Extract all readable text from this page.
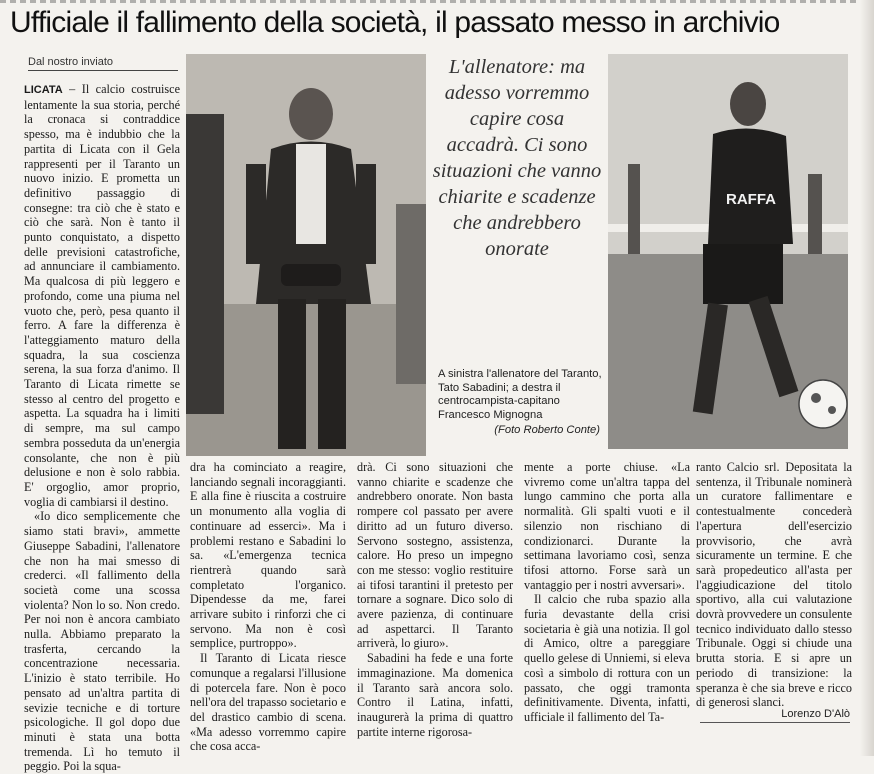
Ufficiale il fallimento della società, il passato messo in archivio
Dal nostro inviato

LICATA – Il calcio costruisce lentamente la sua storia, perché la cronaca si contraddice spesso, ma è indubbio che la partita di Licata con il Gela rappresenti per il Taranto un nuovo inizio. E promettа un definitivo passaggio di consegne: tra ciò che è stato e ciò che sarà. Non è tanto il punto conquistato, a dispetto delle previsioni catastrofiche, ad annunciare il cambiamento. Ma qualcosa di più leggero e profondo, come una piuma nel vuoto che, però, pesa quanto il ferro. A fare la differenza è l'atteggiamento maturo della squadra, la sua coscienza serena, la sua forza d'animo. Il Taranto di Licata rimette se stesso al centro del progetto e aspetta. La squadra ha i limiti di sempre, ma sul campo sembra posseduta da un'energia consolante, che non è più delusione e non è solo rabbia. E' orgoglio, amor proprio, voglia di cambiarsi il destino.

«Io dico semplicemente che siamo stati bravi», ammette Giuseppe Sabadini, l'allenatore che non ha mai smesso di crederci. «Il fallimento della società come una scossa violenta? Non lo so. Non credo. Per noi non è ancora cambiato nulla. Abbiamo preparato la trasferta, cercando la concentrazione necessaria. L'inizio è stato terribile. Ho pensato ad un'altra partita di sevizie tecniche e di torture psicologiche. Il gol dopo due minuti è stata una botta tremenda. Lì ho temuto il peggio. Poi la squa-

L'allenatore: ma adesso vorremmo capire cosa accadrà. Ci sono situazioni che vanno chiarite e scadenze che andrebbero onorate
A sinistra l'allenatore del Taranto, Tato Sabadini; a destra il centrocampista-capitano Francesco Mignogna
(Foto Roberto Conte)
RAFFA

dra ha cominciato a reagire, lanciando segnali incoraggianti. E alla fine è riuscita a costruire un monumento alla voglia di continuare ad esserci». Ma i problemi restano e Sabadini lo sa. «L'emergenza tecnica rientrerà quando sarà completato l'organico. Dipendesse da me, farei arrivare subito i rinforzi che ci servono. Ma non è così semplice, purtroppo».

Il Taranto di Licata riesce comunque a regalarsi l'illusione di potercela fare. Non è poco nell'ora del trapasso societario e del drastico cambio di scena. «Ma adesso vorremmo capire che cosa acca-

drà. Ci sono situazioni che vanno chiarite e scadenze che andrebbero onorate. Non basta rompere col passato per avere diritto ad un futuro diverso. Servono sostegno, assistenza, calore. Ho preso un impegno con me stesso: voglio restituire ai tifosi tarantini il pretesto per tornare a sognare. Dico solo di avere pazienza, di continuare ad aspettarci. Il Taranto arriverà, lo giuro».

Sabadini ha fede e una forte immaginazione. Ma domenica il Taranto sarà ancora solo. Contro il Latina, infatti, inaugurerà la prima di quattro partite interne rigorosa-

mente a porte chiuse. «La vivremo come un'altra tappa del lungo cammino che porta alla normalità. Gli spalti vuoti e il silenzio non rischiano di condizionarci. Durante la settimana lavoriamo così, senza tifosi attorno. Forse sarà un vantaggio per i nostri avversari».

Il calcio che ruba spazio alla furia devastante della crisi societaria è già una notizia. Il gol di Amico, oltre a pareggiare quello gelese di Unniemi, si eleva così a simbolo di rottura con un passato, che oggi tramonta definitivamente. Diventa, infatti, ufficiale il fallimento del Ta-

ranto Calcio srl. Depositata la sentenza, il Tribunale nominerà un curatore fallimentare e contestualmente concederà l'apertura dell'esercizio provvisorio, che avrà sicuramente un termine. E che sarà propedeutico all'asta per l'aggiudicazione del titolo sportivo, alla cui valutazione dovrà provvedere un consulente tecnico individuato dallo stesso Tribunale. Oggi si chiude una brutta storia. E si apre un periodo di transizione: la speranza è che sia breve e ricco di generosi slanci.

Lorenzo D'Alò
